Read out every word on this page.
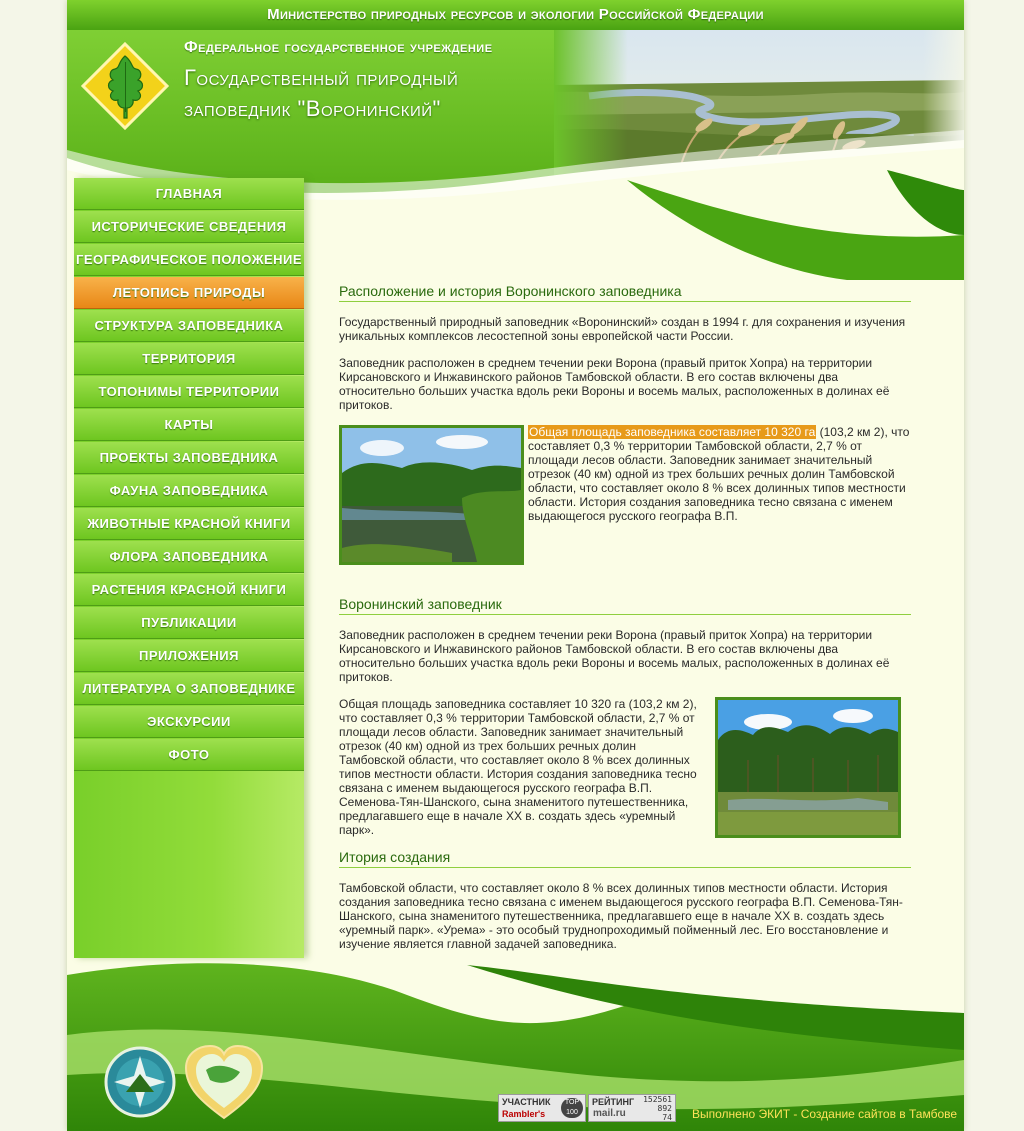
Министерство природных ресурсов и экологии Российской Федерации
Федеральное государственное учреждение
Государственный природный
заповедник "Воронинский"
ГЛАВНАЯ
ИСТОРИЧЕСКИЕ СВЕДЕНИЯ
ГЕОГРАФИЧЕСКОЕ ПОЛОЖЕНИЕ
ЛЕТОПИСЬ ПРИРОДЫ
СТРУКТУРА ЗАПОВЕДНИКА
ТЕРРИТОРИЯ
ТОПОНИМЫ ТЕРРИТОРИИ
КАРТЫ
ПРОЕКТЫ ЗАПОВЕДНИКА
ФАУНА ЗАПОВЕДНИКА
ЖИВОТНЫЕ КРАСНОЙ КНИГИ
ФЛОРА ЗАПОВЕДНИКА
РАСТЕНИЯ КРАСНОЙ КНИГИ
ПУБЛИКАЦИИ
ПРИЛОЖЕНИЯ
ЛИТЕРАТУРА О ЗАПОВЕДНИКЕ
ЭКСКУРСИИ
ФОТО
Расположение и история Воронинского заповедника
Государственный природный заповедник «Воронинский» создан в 1994 г. для сохранения и изучения уникальных комплексов лесостепной зоны европейской части России.
Заповедник расположен в среднем течении реки Ворона (правый приток Хопра) на территории Кирсановского и Инжавинского районов Тамбовской области. В его состав включены два относительно больших участка вдоль реки Вороны и восемь малых, расположенных в долинах её притоков.
Общая площадь заповедника составляет 10 320 га (103,2 км 2), что составляет 0,3 % территории Тамбовской области, 2,7 % от площади лесов области. Заповедник занимает значительный отрезок (40 км) одной из трех больших речных долин Тамбовской области, что составляет около 8 % всех долинных типов местности области. История создания заповедника тесно связана с именем выдающегося русского географа В.П.
Воронинский заповедник
Заповедник расположен в среднем течении реки Ворона (правый приток Хопра) на территории Кирсановского и Инжавинского районов Тамбовской области. В его состав включены два относительно больших участка вдоль реки Вороны и восемь малых, расположенных в долинах её притоков.
Общая площадь заповедника составляет 10 320 га (103,2 км 2), что составляет 0,3 % территории Тамбовской области, 2,7 % от площади лесов области. Заповедник занимает значительный отрезок (40 км) одной из трех больших речных долин Тамбовской области, что составляет около 8 % всех долинных типов местности области. История создания заповедника тесно связана с именем выдающегося русского географа В.П. Семенова-Тян-Шанского, сына знаменитого путешественника, предлагавшего еще в начале XX в. создать здесь «уремный парк».
Итория создания
Тамбовской области, что составляет около 8 % всех долинных типов местности области. История создания заповедника тесно связана с именем выдающегося русского географа В.П. Семенова-Тян-Шанского, сына знаменитого путешественника, предлагавшего еще в начале XX в. создать здесь «уремный парк». «Урема» - это особый труднопроходимый пойменный лес. Его восстановление и изучение является главной задачей заповедника.
УЧАСТНИК
Rambler's
TOP 100
РЕЙТИНГ 152561
892
74
mail.ru	Выполнено ЭКИТ - Создание сайтов в Тамбове
